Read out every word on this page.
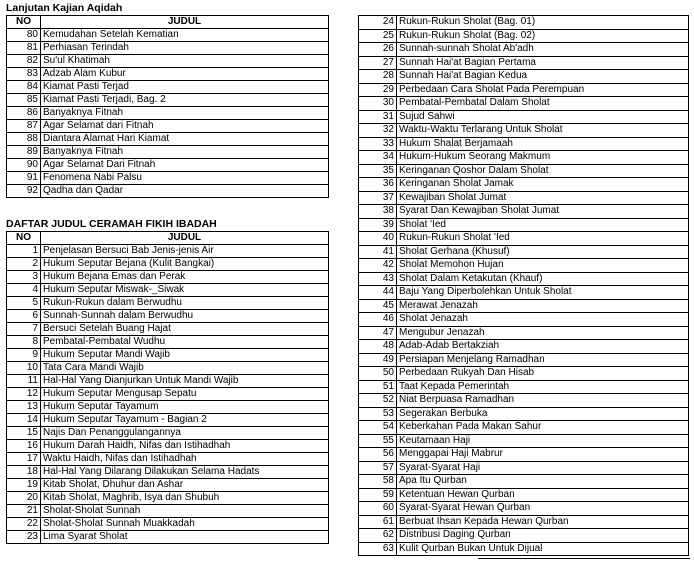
Lanjutan Kajian Aqidah
NO	JUDUL
80	Kemudahan Setelah Kematian
81	Perhiasan Terindah
82	Su'ul Khatimah
83	Adzab Alam Kubur
84	Kiamat Pasti Terjad
85	Kiamat Pasti Terjadi, Bag. 2
86	Banyaknya Fitnah
87	Agar Selamat dari Fitnah
88	Diantara Alamat Hari Kiamat
89	Banyaknya Fitnah
90	Agar Selamat Dari Fitnah
91	Fenomena Nabi Palsu
92	Qadha dan Qadar
DAFTAR JUDUL CERAMAH FIKIH IBADAH
NO	JUDUL
1	Penjelasan Bersuci Bab Jenis-jenis Air
2	Hukum Seputar Bejana (Kulit Bangkai)
3	Hukum Bejana Emas dan Perak
4	Hukum Seputar Miswak-_Siwak
5	Rukun-Rukun dalam Berwudhu
6	Sunnah-Sunnah dalam Berwudhu
7	Bersuci Setelah Buang Hajat
8	Pembatal-Pembatal Wudhu
9	Hukum Seputar Mandi Wajib
10	Tata Cara Mandi Wajib
11	Hal-Hal Yang Dianjurkan Untuk Mandi Wajib
12	Hukum Seputar Mengusap Sepatu
13	Hukum Seputar Tayamum
14	Hukum Seputar Tayamum - Bagian 2
15	Najis Dan Penanggulangannya
16	Hukum Darah Haidh, Nifas dan Istihadhah
17	Waktu Haidh, Nifas dan Istihadhah
18	Hal-Hal Yang Dilarang Dilakukan Selama Hadats
19	Kitab Sholat, Dhuhur dan Ashar
20	Kitab Sholat, Maghrib, Isya dan Shubuh
21	Sholat-Sholat Sunnah
22	Sholat-Sholat Sunnah Muakkadah
23	Lima Syarat Sholat
24	Rukun-Rukun Sholat (Bag. 01)
25	Rukun-Rukun Sholat (Bag. 02)
26	Sunnah-sunnah Sholat Ab'adh
27	Sunnah Hai'at Bagian Pertama
28	Sunnah Hai'at Bagian Kedua
29	Perbedaan Cara Sholat Pada Perempuan
30	Pembatal-Pembatal Dalam Sholat
31	Sujud Sahwi
32	Waktu-Waktu Terlarang Untuk Sholat
33	Hukum Shalat Berjamaah
34	Hukum-Hukum Seorang Makmum
35	Keringanan Qoshor Dalam Sholat
36	Keringanan Sholat Jamak
37	Kewajiban Sholat Jumat
38	Syarat Dan Kewajiban Sholat Jumat
39	Sholat 'Ied
40	Rukun-Rukun Sholat 'Ied
41	Sholat Gerhana (Khusuf)
42	Sholat Memohon Hujan
43	Sholat Dalam Ketakutan (Khauf)
44	Baju Yang Diperbolehkan Untuk Sholat
45	Merawat Jenazah
46	Sholat Jenazah
47	Mengubur Jenazah
48	Adab-Adab Bertakziah
49	Persiapan Menjelang Ramadhan
50	Perbedaan Rukyah Dan Hisab
51	Taat Kepada Pemerintah
52	Niat Berpuasa Ramadhan
53	Segerakan Berbuka
54	Keberkahan Pada Makan Sahur
55	Keutamaan Haji
56	Menggapai Haji Mabrur
57	Syarat-Syarat Haji
58	Apa Itu Qurban
59	Ketentuan Hewan Qurban
60	Syarat-Syarat Hewan Qurban
61	Berbuat Ihsan Kepada Hewan Qurban
62	Distribusi Daging Qurban
63	Kulit Qurban Bukan Untuk Dijual
